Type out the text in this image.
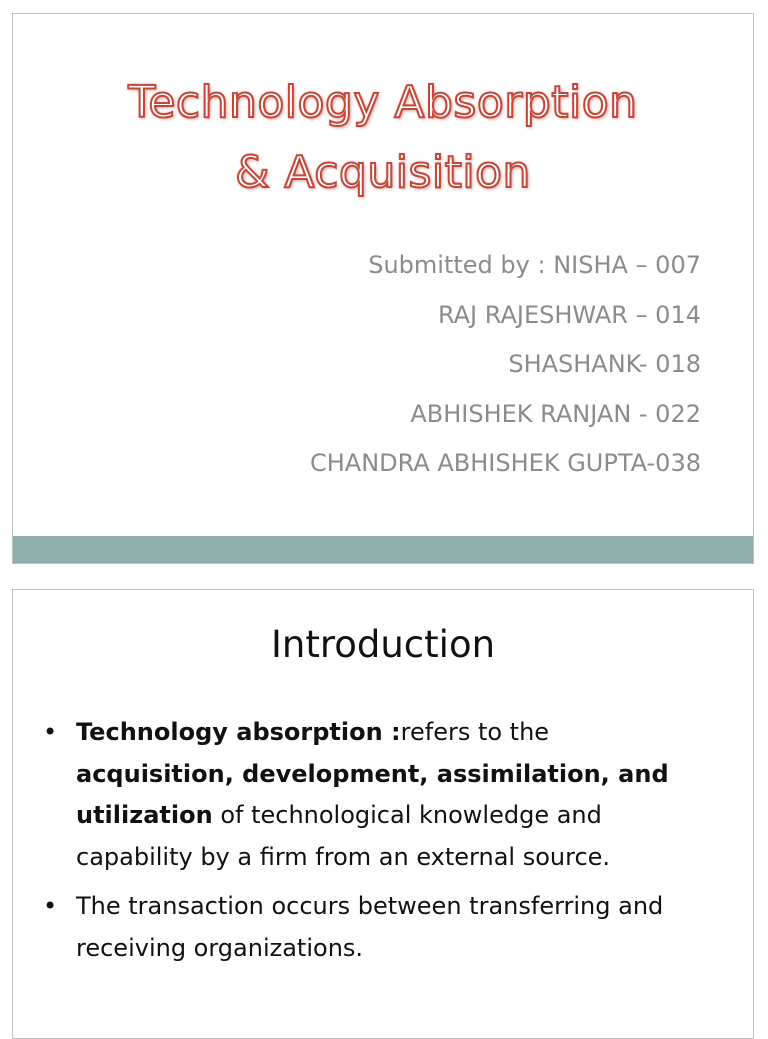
Technology Absorption
& Acquisition
Submitted by : NISHA – 007
RAJ RAJESHWAR – 014
SHASHANK- 018
ABHISHEK RANJAN - 022
CHANDRA ABHISHEK GUPTA-038
Introduction
• Technology absorption :refers to the acquisition, development, assimilation, and utilization of technological knowledge and capability by a firm from an external source.
• The transaction occurs between transferring and receiving organizations.
